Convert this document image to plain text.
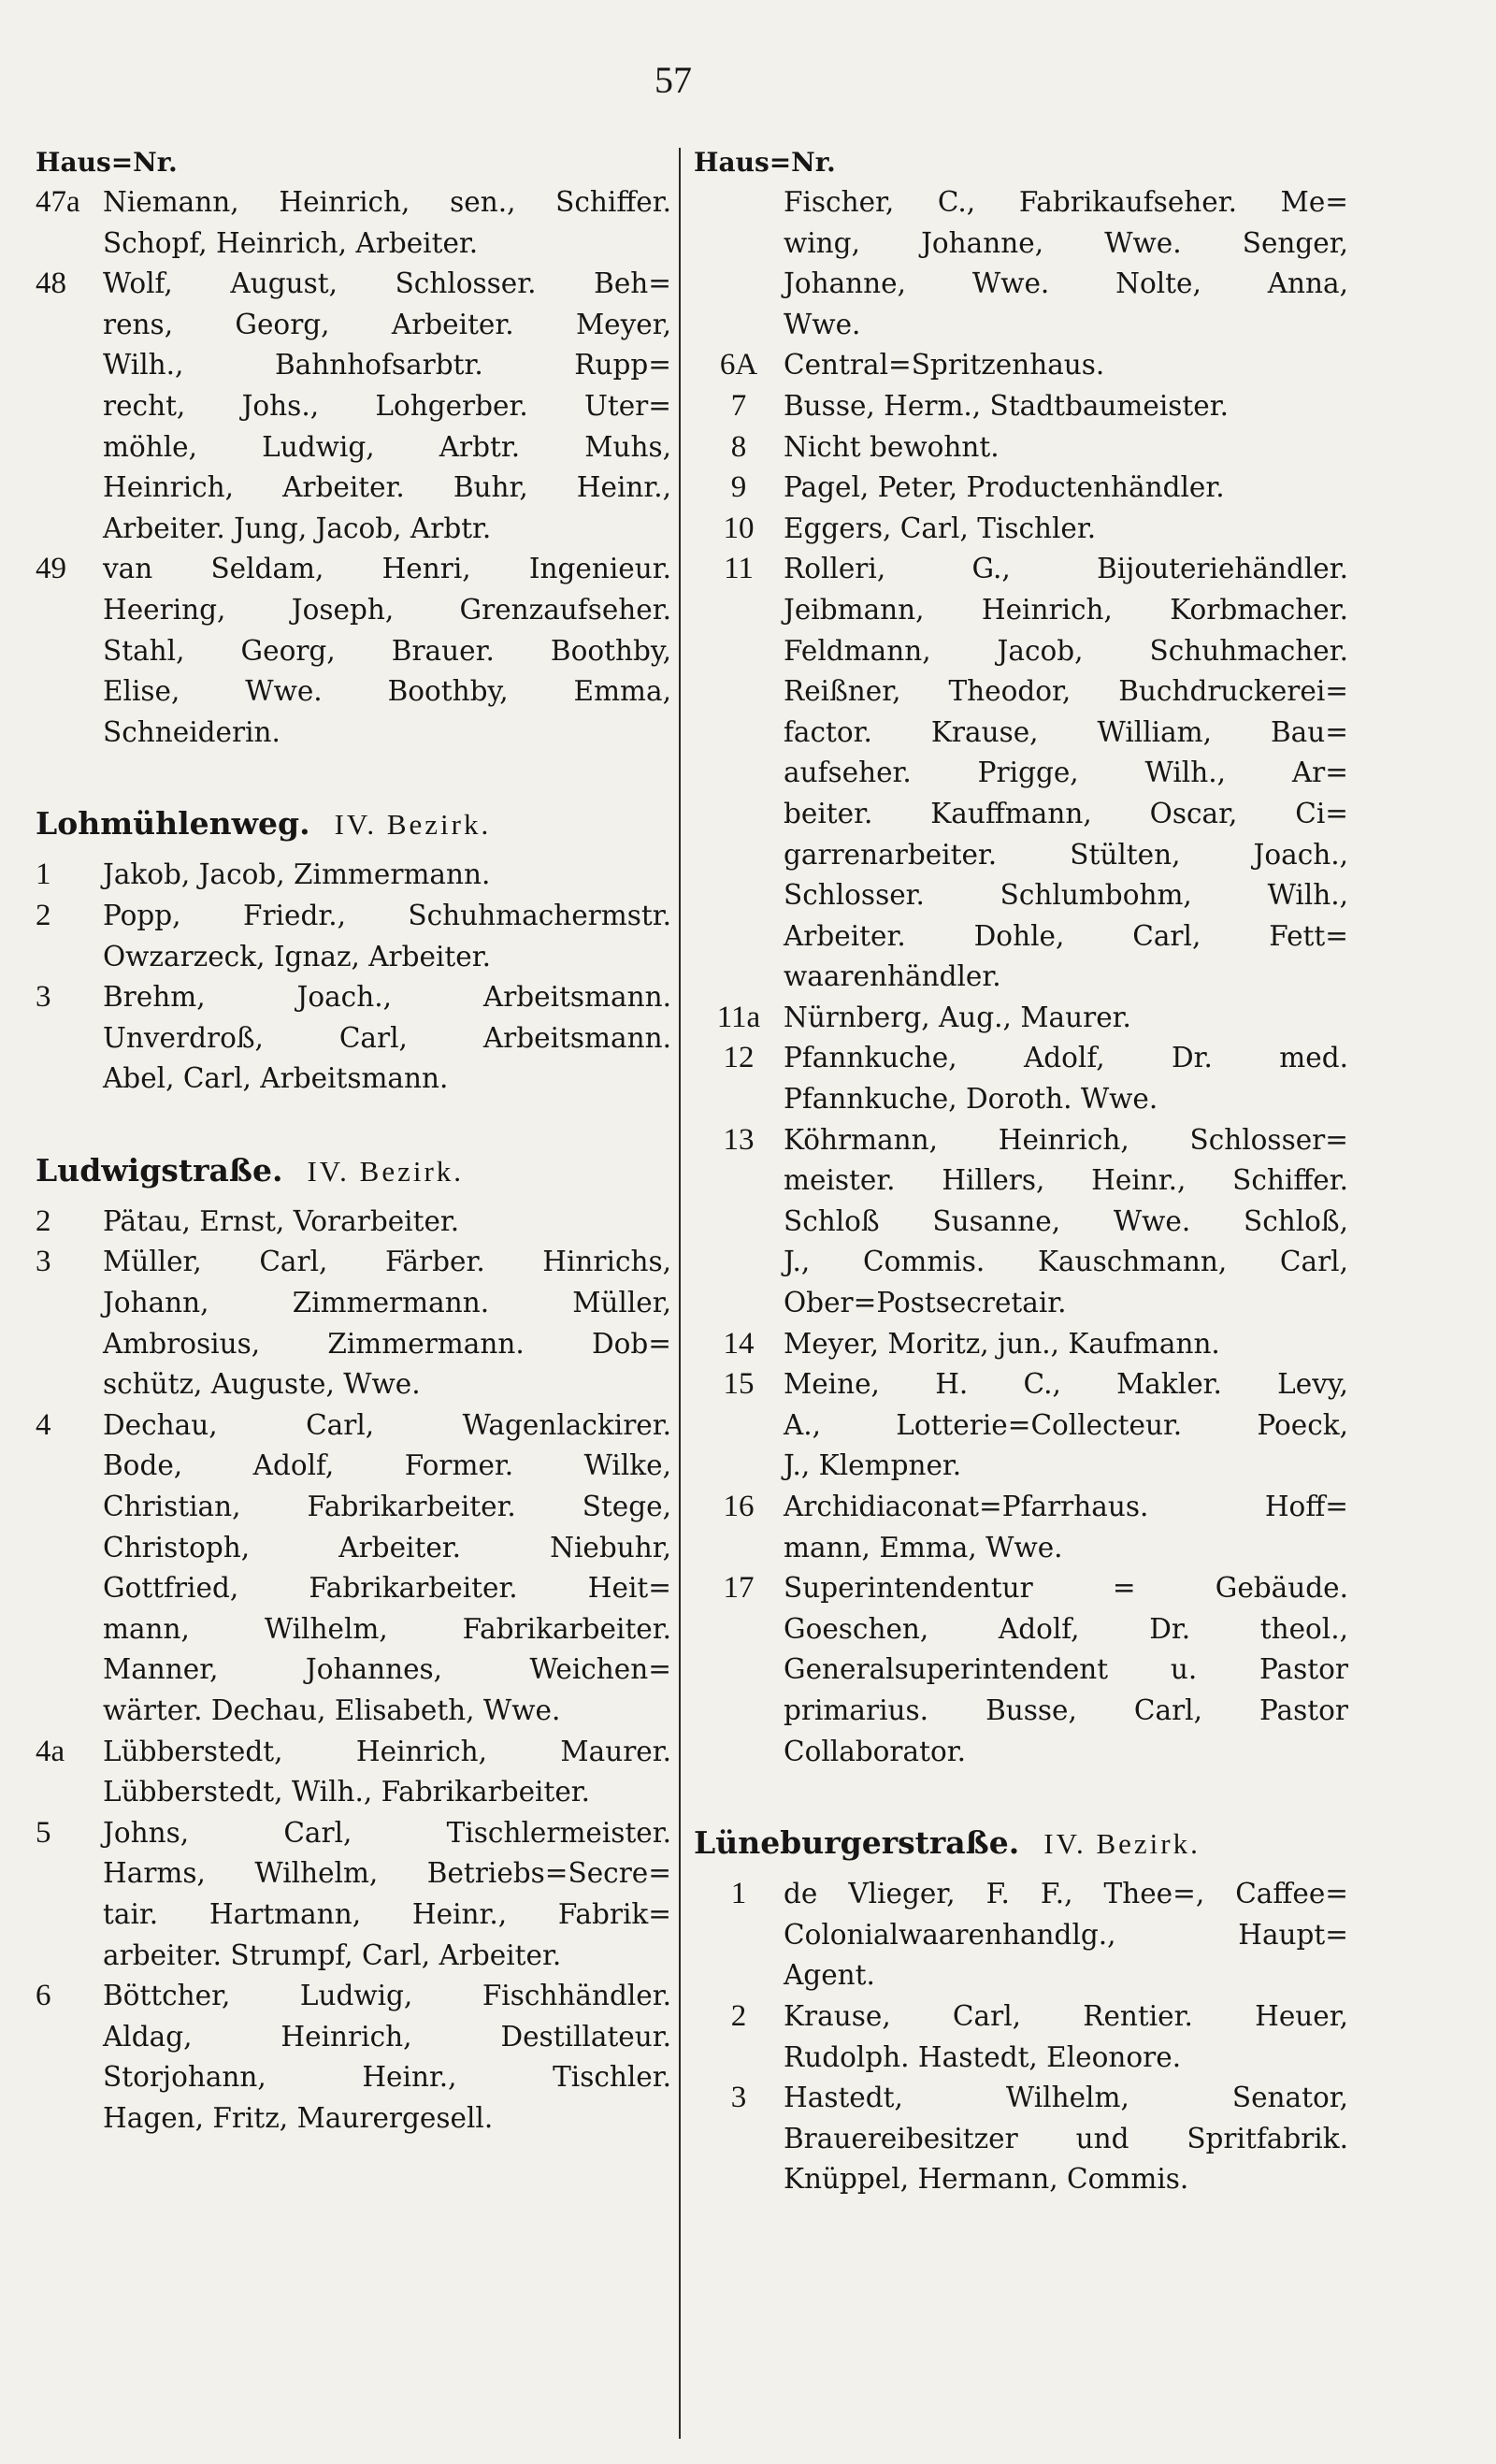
57
Haus=Nr.
47a Niemann, Heinrich, sen., Schiffer.
Schopf, Heinrich, Arbeiter.
48	Wolf, August, Schlosser. Beh=
rens, Georg, Arbeiter. Meyer,
Wilh., Bahnhofsarbtr. Rupp=
recht, Johs., Lohgerber. Uter=
möhle, Ludwig, Arbtr. Muhs,
Heinrich, Arbeiter. Buhr, Heinr.,
Arbeiter. Jung, Jacob, Arbtr.
49	van Seldam, Henri, Ingenieur.
Heering, Joseph, Grenzaufseher.
Stahl, Georg, Brauer. Boothby,
Elise, Wwe. Boothby, Emma,
Schneiderin.
Lohmühlenweg. IV. Bezirk.
1	Jakob, Jacob, Zimmermann.
2	Popp, Friedr., Schuhmachermstr.
Owzarzeck, Ignaz, Arbeiter.
3	Brehm, Joach., Arbeitsmann.
Unverdroß, Carl, Arbeitsmann.
Abel, Carl, Arbeitsmann.
Ludwigstraße. IV. Bezirk.
2	Pätau, Ernst, Vorarbeiter.
3	Müller, Carl, Färber. Hinrichs,
Johann, Zimmermann. Müller,
Ambrosius, Zimmermann. Dob=
schütz, Auguste, Wwe.
4	Dechau, Carl, Wagenlackirer.
Bode, Adolf, Former. Wilke,
Christian, Fabrikarbeiter. Stege,
Christoph, Arbeiter. Niebuhr,
Gottfried, Fabrikarbeiter. Heit=
mann, Wilhelm, Fabrikarbeiter.
Manner, Johannes, Weichen=
wärter. Dechau, Elisabeth, Wwe.
4a	Lübberstedt, Heinrich, Maurer.
Lübberstedt, Wilh., Fabrikarbeiter.
5	Johns, Carl, Tischlermeister.
Harms, Wilhelm, Betriebs=Secre=
tair. Hartmann, Heinr., Fabrik=
arbeiter. Strumpf, Carl, Arbeiter.
6	Böttcher, Ludwig, Fischhändler.
Aldag, Heinrich, Destillateur.
Storjohann, Heinr., Tischler.
Hagen, Fritz, Maurergesell.
Haus=Nr.
Fischer, C., Fabrikaufseher. Me=
wing, Johanne, Wwe. Senger,
Johanne, Wwe. Nolte, Anna,
Wwe.
6A Central=Spritzenhaus.
7	Busse, Herm., Stadtbaumeister.
8	Nicht bewohnt.
9	Pagel, Peter, Productenhändler.
10	Eggers, Carl, Tischler.
11	Rolleri, G., Bijouteriehändler.
Jeibmann, Heinrich, Korbmacher.
Feldmann, Jacob, Schuhmacher.
Reißner, Theodor, Buchdruckerei=
factor. Krause, William, Bau=
aufseher. Prigge, Wilh., Ar=
beiter. Kauffmann, Oscar, Ci=
garrenarbeiter. Stülten, Joach.,
Schlosser. Schlumbohm, Wilh.,
Arbeiter. Dohle, Carl, Fett=
waarenhändler.
11a Nürnberg, Aug., Maurer.
12	Pfannkuche, Adolf, Dr. med.
Pfannkuche, Doroth. Wwe.
13	Köhrmann, Heinrich, Schlosser=
meister. Hillers, Heinr., Schiffer.
Schloß Susanne, Wwe. Schloß,
J., Commis. Kauschmann, Carl,
Ober=Postsecretair.
14	Meyer, Moritz, jun., Kaufmann.
15	Meine, H. C., Makler. Levy,
A., Lotterie=Collecteur. Poeck,
J., Klempner.
16	Archidiaconat=Pfarrhaus. Hoff=
mann, Emma, Wwe.
17	Superintendentur = Gebäude.
Goeschen, Adolf, Dr. theol.,
Generalsuperintendent u. Pastor
primarius. Busse, Carl, Pastor
Collaborator.
Lüneburgerstraße. IV. Bezirk.
1	de Vlieger, F. F., Thee=, Caffee=
Colonialwaarenhandlg., Haupt=
Agent.
2	Krause, Carl, Rentier. Heuer,
Rudolph. Hastedt, Eleonore.
3	Hastedt, Wilhelm, Senator,
Brauereibesitzer und Spritfabrik.
Knüppel, Hermann, Commis.
